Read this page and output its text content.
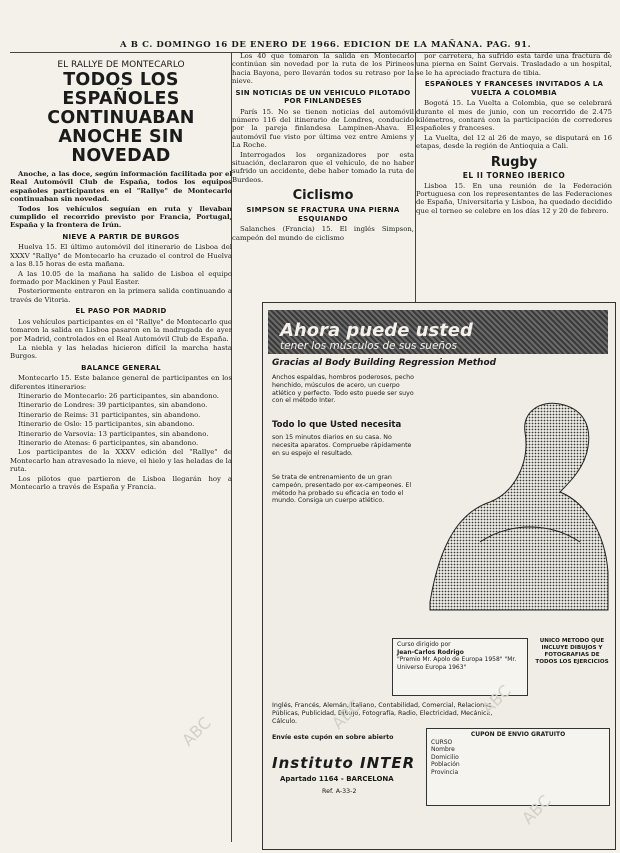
A B C. DOMINGO 16 DE ENERO DE 1966. EDICION DE LA MAÑANA. PAG. 91.
EL RALLYE DE MONTECARLO
TODOS LOS ESPAÑOLES CONTINUABAN ANOCHE SIN NOVEDAD

Anoche, a las doce, según información facilitada por el Real Automóvil Club de España, todos los equipos españoles participantes en el "Rallye" de Montecarlo continuaban sin novedad.

Todos los vehículos seguían en ruta y llevaban cumplido el recorrido previsto por Francia, Portugal, España y la frontera de Irún.

NIEVE A PARTIR DE BURGOS

Huelva 15. El último automóvil del itinerario de Lisboa del XXXV "Rallye" de Montecarlo ha cruzado el control de Huelva a las 8.15 horas de esta mañana.

A las 10.05 de la mañana ha salido de Lisboa el equipo formado por Mackinen y Paul Easter.

Posteriormente entraron en la primera salida continuando a través de Vitoria.

EL PASO POR MADRID

Los vehículos participantes en el "Rallye" de Montecarlo que tomaron la salida en Lisboa pasaron en la madrugada de ayer por Madrid, controlados en el Real Automóvil Club de España.

La niebla y las heladas hicieron difícil la marcha hasta Burgos.

BALANCE GENERAL

Montecarlo 15. Este balance general de participantes en los diferentes itinerarios:

Itinerario de Montecarlo: 26 participantes, sin abandono.

Itinerario de Londres: 39 participantes, sin abandono.

Itinerario de Reims: 31 participantes, sin abandono.

Itinerario de Oslo: 15 participantes, sin abandono.

Itinerario de Varsovia: 13 participantes, sin abandono.

Itinerario de Atenas: 6 participantes, sin abandono.

Los participantes de la XXXV edición del "Rallye" de Montecarlo han atravesado la nieve, el hielo y las heladas de la ruta.

Los pilotos que partieron de Lisboa llegarán hoy a Montecarlo a través de España y Francia.

Los 40 que tomaron la salida en Montecarlo continúan sin novedad por la ruta de los Pirineos hacia Bayona, pero llevarán todos su retraso por la nieve.

SIN NOTICIAS DE UN VEHICULO PILOTADO POR FINLANDESES

París 15. No se tienen noticias del automóvil número 116 del itinerario de Londres, conducido por la pareja finlandesa Lampinen-Ahava. El automóvil fue visto por última vez entre Amiens y La Roche.

Interrogados los organizadores por esta situación, declararon que el vehículo, de no haber sufrido un accidente, debe haber tomado la ruta de Burdeos.

Ciclismo
SIMPSON SE FRACTURA UNA PIERNA ESQUIANDO

Salanches (Francia) 15. El inglés Simpson, campeón del mundo de ciclismo

por carretera, ha sufrido esta tarde una fractura de una pierna en Saint Gervais. Trasladado a un hospital, se le ha apreciado fractura de tibia.

ESPAÑOLES Y FRANCESES INVITADOS A LA VUELTA A COLOMBIA

Bogotá 15. La Vuelta a Colombia, que se celebrará durante el mes de junio, con un recorrido de 2.475 kilómetros, contará con la participación de corredores españoles y franceses.

La Vuelta, del 12 al 26 de mayo, se disputará en 16 etapas, desde la región de Antioquia a Cali.

Rugby
EL II TORNEO IBERICO

Lisboa 15. En una reunión de la Federación Portuguesa con los representantes de las Federaciones de España, Universitaria y Lisboa, ha quedado decidido que el torneo se celebre en los días 12 y 20 de febrero.

Ahora puede usted
tener los músculos de sus sueños
Gracias al Body Building Regression Method
Anchos espaldas, hombros poderosos, pecho henchido, músculos de acero, un cuerpo atlético y perfecto. Todo esto puede ser suyo con el método Inter.
Todo lo que Usted necesita
son 15 minutos diarios en su casa. No necesita aparatos. Compruebe rápidamente en su espejo el resultado.
Se trata de entrenamiento de un gran campeón, presentado por ex-campeones. El método ha probado su eficacia en todo el mundo. Consiga un cuerpo atlético.
Curso dirigido por
Jean-Carlos Rodrigo
"Premio Mr. Apolo de Europa 1958" "Mr. Universo Europa 1963"
Inglés, Francés, Alemán, Italiano, Contabilidad, Comercial, Relaciones Públicas, Publicidad, Dibujo, Fotografía, Radio, Electricidad, Mecánica, Cálculo.
Envíe este cupón en sobre abierto
Instituto INTER
Apartado 1164 - BARCELONA
Ref. A-33-2
UNICO METODO QUE INCLUYE DIBUJOS Y FOTOGRAFIAS DE TODOS LOS EJERCICIOS
CUPON DE ENVIO GRATUITO
CURSO
Nombre
Domicilio
Población
Provincia
ABC	ABC	ABC
ABC
